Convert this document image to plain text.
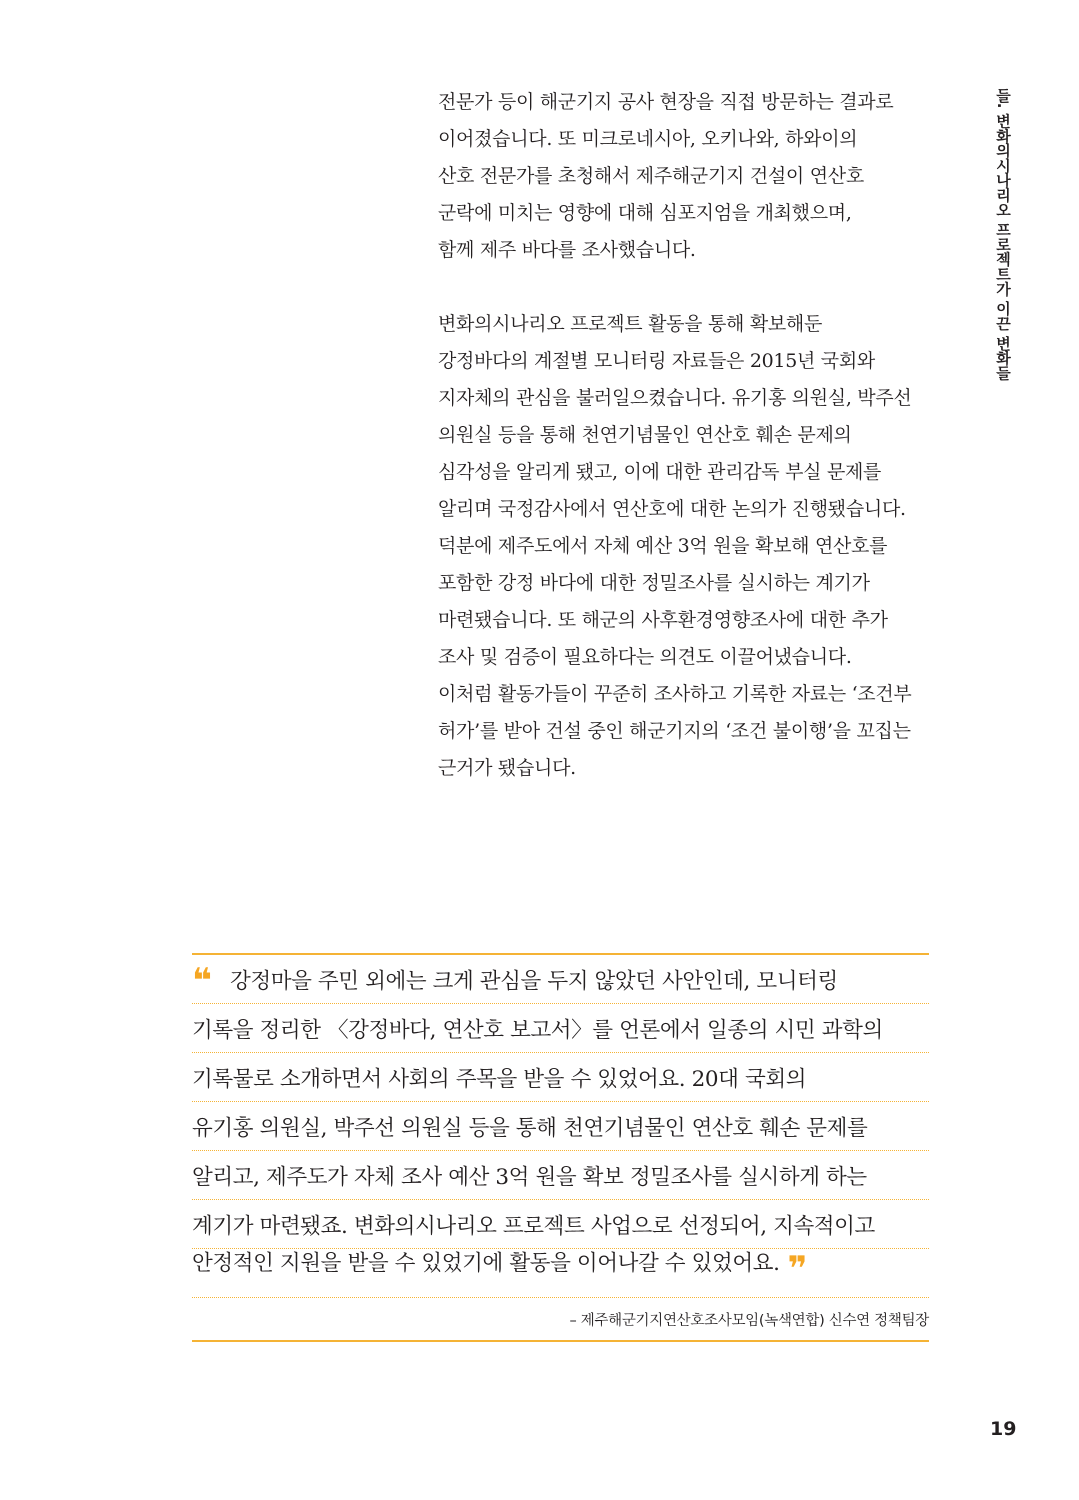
들. 변화의시나리오 프로젝트가 이끈 변화들
전문가 등이 해군기지 공사 현장을 직접 방문하는 결과로
이어졌습니다. 또 미크로네시아, 오키나와, 하와이의
산호 전문가를 초청해서 제주해군기지 건설이 연산호
군락에 미치는 영향에 대해 심포지엄을 개최했으며,
함께 제주 바다를 조사했습니다.
변화의시나리오 프로젝트 활동을 통해 확보해둔
강정바다의 계절별 모니터링 자료들은 2015년 국회와
지자체의 관심을 불러일으켰습니다. 유기홍 의원실, 박주선
의원실 등을 통해 천연기념물인 연산호 훼손 문제의
심각성을 알리게 됐고, 이에 대한 관리감독 부실 문제를
알리며 국정감사에서 연산호에 대한 논의가 진행됐습니다.
덕분에 제주도에서 자체 예산 3억 원을 확보해 연산호를
포함한 강정 바다에 대한 정밀조사를 실시하는 계기가
마련됐습니다. 또 해군의 사후환경영향조사에 대한 추가
조사 및 검증이 필요하다는 의견도 이끌어냈습니다.
이처럼 활동가들이 꾸준히 조사하고 기록한 자료는 ‘조건부
허가’를 받아 건설 중인 해군기지의 ‘조건 불이행’을 꼬집는
근거가 됐습니다.
❝ 강정마을 주민 외에는 크게 관심을 두지 않았던 사안인데, 모니터링
기록을 정리한 〈강정바다, 연산호 보고서〉를 언론에서 일종의 시민 과학의
기록물로 소개하면서 사회의 주목을 받을 수 있었어요. 20대 국회의
유기홍 의원실, 박주선 의원실 등을 통해 천연기념물인 연산호 훼손 문제를
알리고, 제주도가 자체 조사 예산 3억 원을 확보 정밀조사를 실시하게 하는
계기가 마련됐죠. 변화의시나리오 프로젝트 사업으로 선정되어, 지속적이고
안정적인 지원을 받을 수 있었기에 활동을 이어나갈 수 있었어요. ❞
– 제주해군기지연산호조사모임(녹색연합) 신수연 정책팀장
19
